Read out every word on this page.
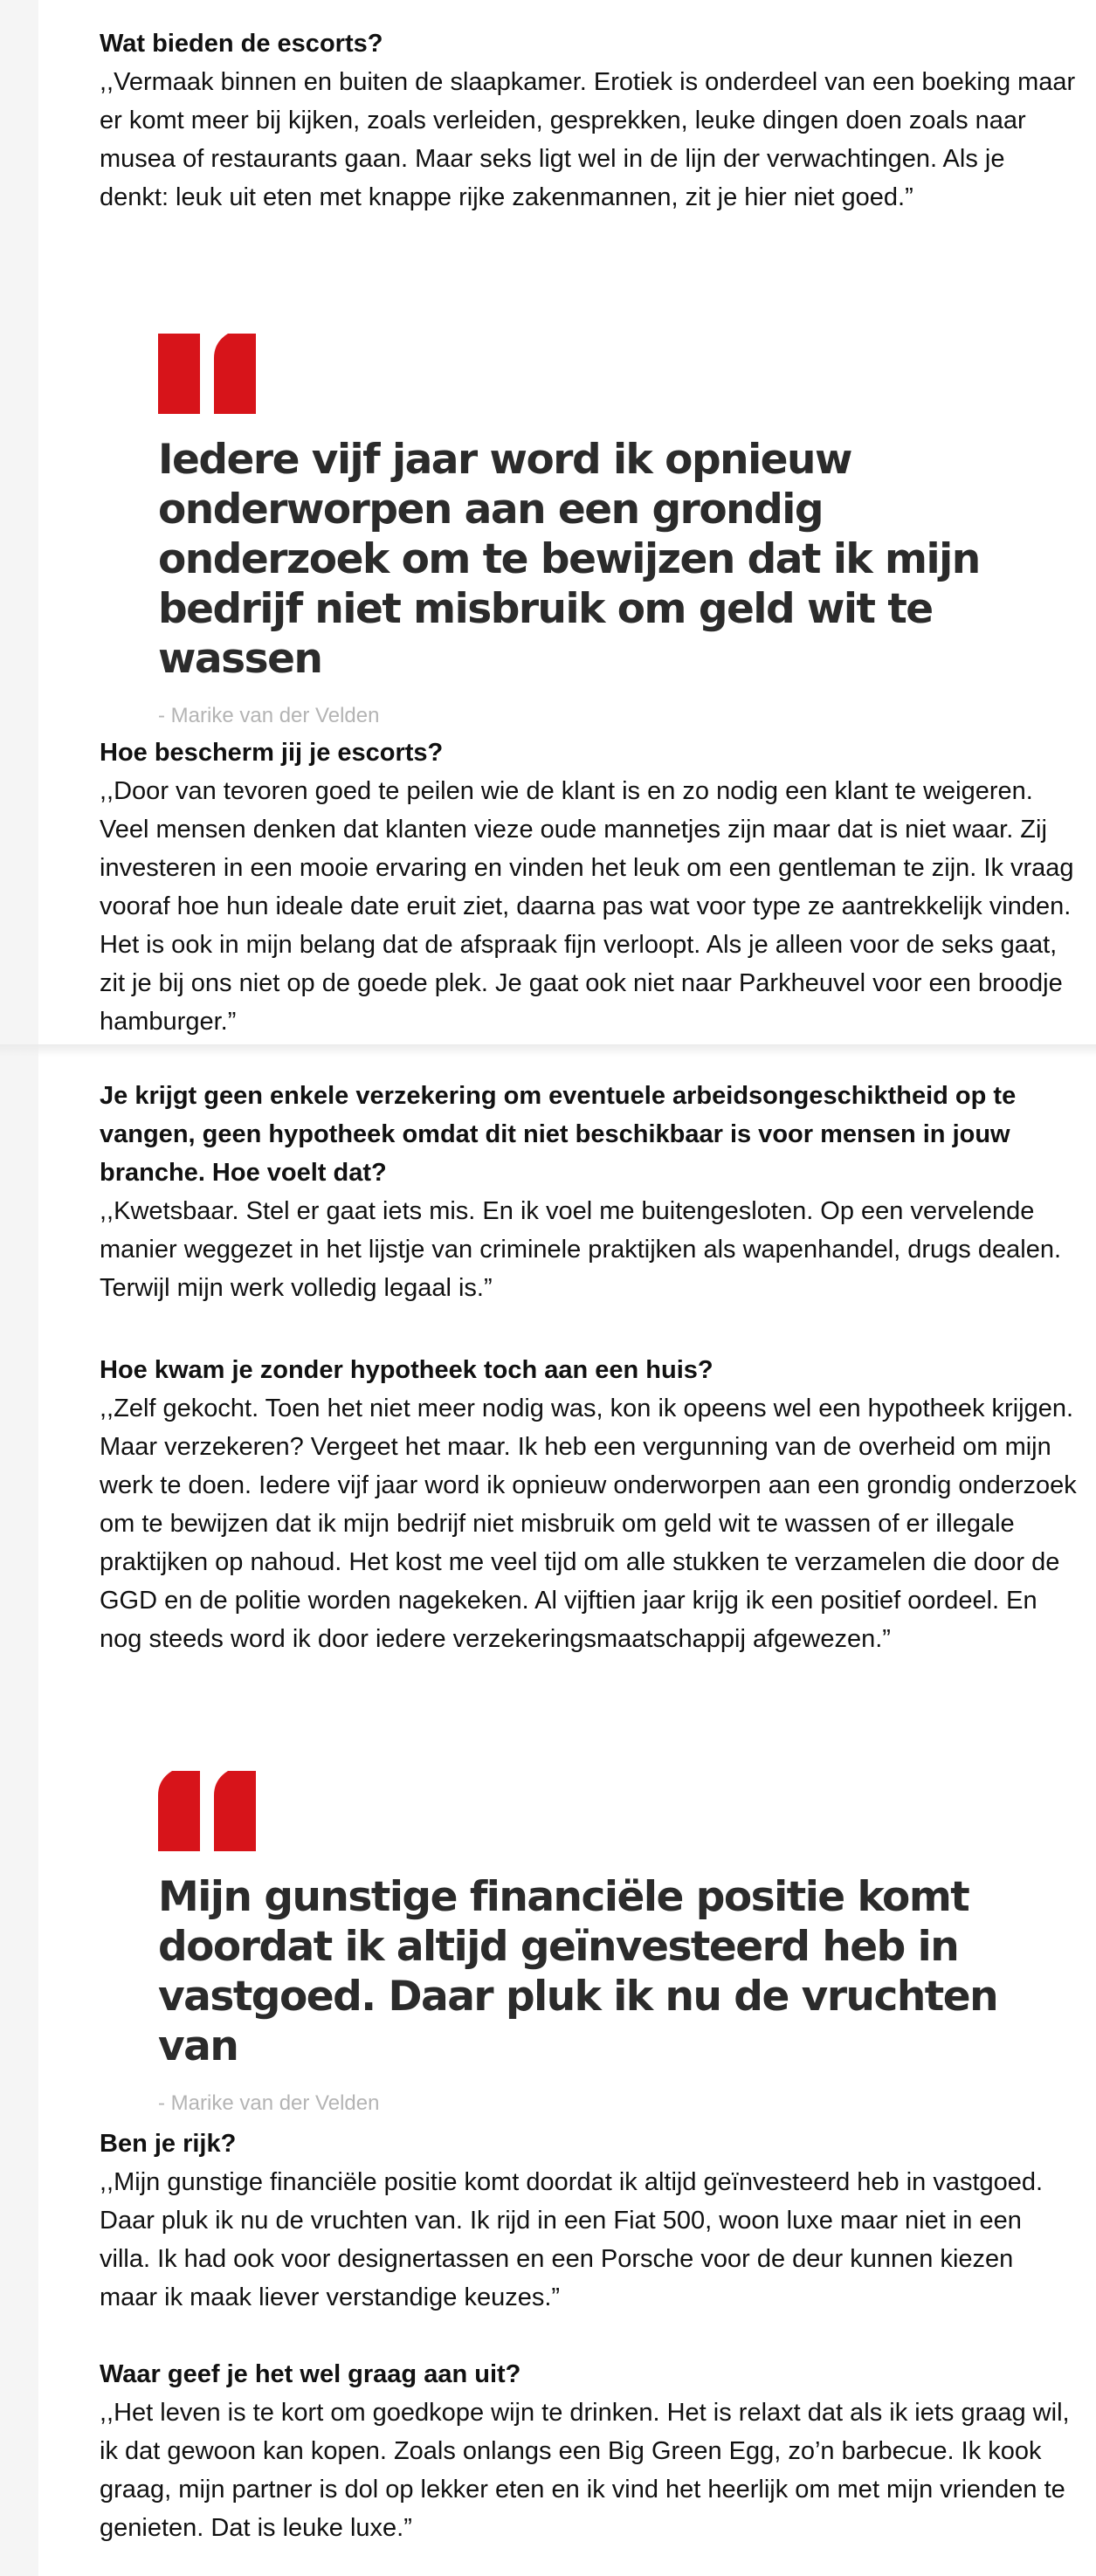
Wat bieden de escorts?

,,Vermaak binnen en buiten de slaapkamer. Erotiek is onderdeel van een boeking maar er komt meer bij kijken, zoals verleiden, gesprekken, leuke dingen doen zoals naar musea of restaurants gaan. Maar seks ligt wel in de lijn der verwachtingen. Als je denkt: leuk uit eten met knappe rijke zakenmannen, zit je hier niet goed.”

Iedere vijf jaar word ik opnieuw onderworpen aan een grondig onderzoek om te bewijzen dat ik mijn bedrijf niet misbruik om geld wit te wassen

- Marike van der Velden

Hoe bescherm jij je escorts?

,,Door van tevoren goed te peilen wie de klant is en zo nodig een klant te weigeren. Veel mensen denken dat klanten vieze oude mannetjes zijn maar dat is niet waar. Zij investeren in een mooie ervaring en vinden het leuk om een gentleman te zijn. Ik vraag vooraf hoe hun ideale date eruit ziet, daarna pas wat voor type ze aantrekkelijk vinden. Het is ook in mijn belang dat de afspraak fijn verloopt. Als je alleen voor de seks gaat, zit je bij ons niet op de goede plek. Je gaat ook niet naar Parkheuvel voor een broodje hamburger.”

Je krijgt geen enkele verzekering om eventuele arbeidsongeschiktheid op te vangen, geen hypotheek omdat dit niet beschikbaar is voor mensen in jouw branche. Hoe voelt dat?

,,Kwetsbaar. Stel er gaat iets mis. En ik voel me buitengesloten. Op een vervelende manier weggezet in het lijstje van criminele praktijken als wapenhandel, drugs dealen. Terwijl mijn werk volledig legaal is.”

Hoe kwam je zonder hypotheek toch aan een huis?

,,Zelf gekocht. Toen het niet meer nodig was, kon ik opeens wel een hypotheek krijgen. Maar verzekeren? Vergeet het maar. Ik heb een vergunning van de overheid om mijn werk te doen. Iedere vijf jaar word ik opnieuw onderworpen aan een grondig onderzoek om te bewijzen dat ik mijn bedrijf niet misbruik om geld wit te wassen of er illegale praktijken op nahoud. Het kost me veel tijd om alle stukken te verzamelen die door de GGD en de politie worden nagekeken. Al vijftien jaar krijg ik een positief oordeel. En nog steeds word ik door iedere verzekeringsmaatschappij afgewezen.”

Mijn gunstige financiële positie komt doordat ik altijd geïnvesteerd heb in vastgoed. Daar pluk ik nu de vruchten van

- Marike van der Velden

Ben je rijk?

,,Mijn gunstige financiële positie komt doordat ik altijd geïnvesteerd heb in vastgoed. Daar pluk ik nu de vruchten van. Ik rijd in een Fiat 500, woon luxe maar niet in een villa. Ik had ook voor designertassen en een Porsche voor de deur kunnen kiezen maar ik maak liever verstandige keuzes.”

Waar geef je het wel graag aan uit?

,,Het leven is te kort om goedkope wijn te drinken. Het is relaxt dat als ik iets graag wil, ik dat gewoon kan kopen. Zoals onlangs een Big Green Egg, zo’n barbecue. Ik kook graag, mijn partner is dol op lekker eten en ik vind het heerlijk om met mijn vrienden te genieten. Dat is leuke luxe.”
